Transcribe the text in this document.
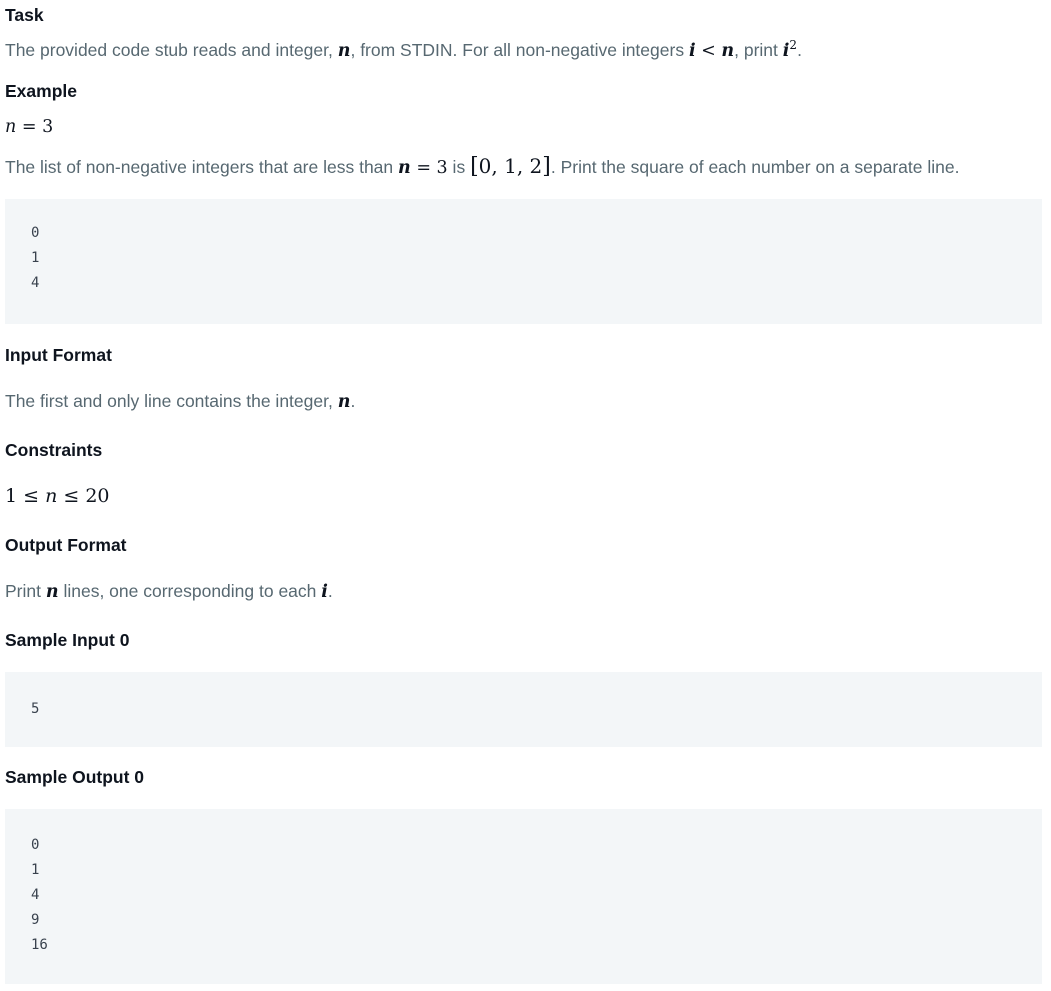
Task

The provided code stub reads and integer, n, from STDIN. For all non-negative integers i < n, print $i^2$.

Example

n = 3

The list of non-negative integers that are less than n = 3 is [0, 1, 2]. Print the square of each number on a separate line.

0
1
4
Input Format

The first and only line contains the integer, n.

Constraints

1 ≤ n ≤ 20

Output Format

Print n lines, one corresponding to each i.

Sample Input 0
5
Sample Output 0
0
1
4
9
16
